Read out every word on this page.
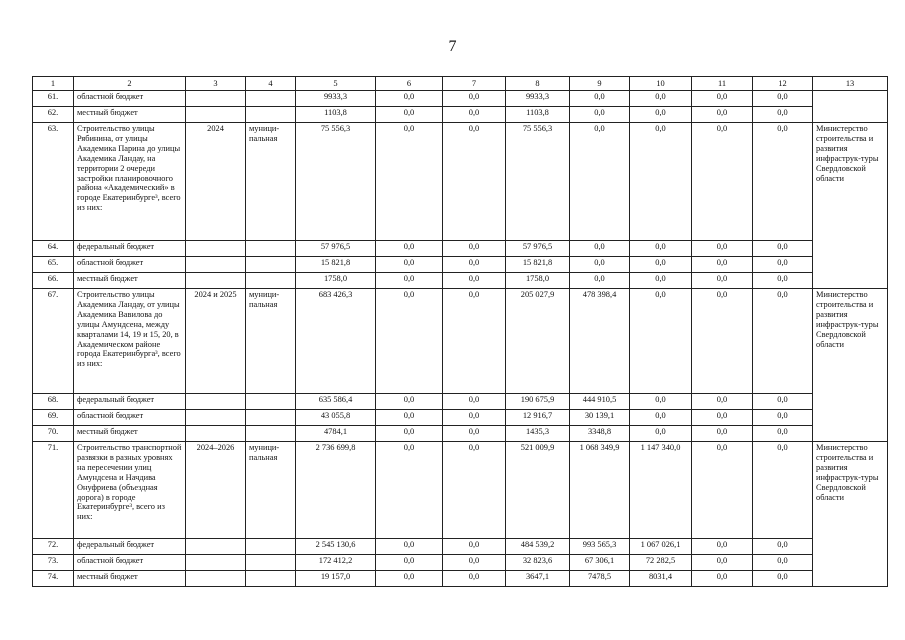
7
1	2	3	4	5	6	7	8	9	10	11	12	13
61.	областной бюджет			9933,3	0,0	0,0	9933,3	0,0	0,0	0,0	0,0	
62.	местный бюджет			1103,8	0,0	0,0	1103,8	0,0	0,0	0,0	0,0	
63.	Строительство улицы Рябинина, от улицы Академика Парина до улицы Академика Ландау, на территории 2 очереди застройки планировочного района «Академический» в городе Екатеринбурге³, всего из них:	2024	муници-пальная	75 556,3	0,0	0,0	75 556,3	0,0	0,0	0,0	0,0	Министерство строительства и развития инфраструк-туры Свердловской области
64.	федеральный бюджет			57 976,5	0,0	0,0	57 976,5	0,0	0,0	0,0	0,0	
65.	областной бюджет			15 821,8	0,0	0,0	15 821,8	0,0	0,0	0,0	0,0	
66.	местный бюджет			1758,0	0,0	0,0	1758,0	0,0	0,0	0,0	0,0	
67.	Строительство улицы Академика Ландау, от улицы Академика Вавилова до улицы Амундсена, между кварталами 14, 19 и 15, 20, в Академическом районе города Екатеринбурга³, всего из них:	2024 и 2025	муници-пальная	683 426,3	0,0	0,0	205 027,9	478 398,4	0,0	0,0	0,0	Министерство строительства и развития инфраструк-туры Свердловской области
68.	федеральный бюджет			635 586,4	0,0	0,0	190 675,9	444 910,5	0,0	0,0	0,0	
69.	областной бюджет			43 055,8	0,0	0,0	12 916,7	30 139,1	0,0	0,0	0,0	
70.	местный бюджет			4784,1	0,0	0,0	1435,3	3348,8	0,0	0,0	0,0	
71.	Строительство транспортной развязки в разных уровнях на пересечении улиц Амундсена и Начдива Онуфриева (объездная дорога) в городе Екатеринбурге³, всего из них:	2024–2026	муници-пальная	2 736 699,8	0,0	0,0	521 009,9	1 068 349,9	1 147 340,0	0,0	0,0	Министерство строительства и развития инфраструк-туры Свердловской области
72.	федеральный бюджет			2 545 130,6	0,0	0,0	484 539,2	993 565,3	1 067 026,1	0,0	0,0	
73.	областной бюджет			172 412,2	0,0	0,0	32 823,6	67 306,1	72 282,5	0,0	0,0	
74.	местный бюджет			19 157,0	0,0	0,0	3647,1	7478,5	8031,4	0,0	0,0	
